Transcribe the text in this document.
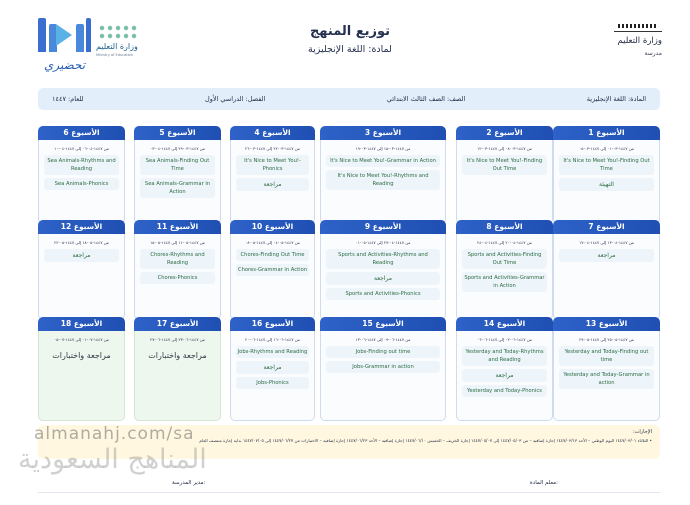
تحضيري
وزارة التعليم
Ministry of Education
توزيع المنهج
لمادة: اللغة الإنجليزية
وزارة التعليم
مدرسة
المادة: اللغة الإنجليزية
الصف: الصف الثالث الابتدائي
الفصل: الدراسي الأول
للعام: ١٤٤٧
الأسبوع 1
من ١٤٤٧-٠٣-٠١ إلى ١٤٤٧-٠٣-٠٥
It's Nice to Meet You!-Finding Out Time
التهيئة
الأسبوع 2
من ١٤٤٧-٠٣-٠٨ إلى ١٤٤٧-٠٣-١٢
It's Nice to Meet You!-Finding Out Time
الأسبوع 3
من ١٤٤٧-٠٣-١٥ إلى ١٤٤٧-٠٣-١٩
It's Nice to Meet You!-Grammar in Action
It's Nice to Meet You!-Rhythms and Reading
الأسبوع 4
من ١٤٤٧-٠٣-٢٢ إلى ١٤٤٧-٠٣-٢٦
It's Nice to Meet You!-Phonics
مراجعة
الأسبوع 5
من ١٤٤٧-٠٣-٢٩ إلى ١٤٤٧-٠٤-٠٣
Sea Animals-Finding Out Time
Sea Animals-Grammar in Action
الأسبوع 6
من ١٤٤٧-٠٤-٠٦ إلى ١٤٤٧-٠٤-١٠
Sea Animals-Rhythms and Reading
Sea Animals-Phonics
الأسبوع 7
من ١٤٤٧-٠٤-١٣ إلى ١٤٤٧-٠٤-١٧
مراجعة
الأسبوع 8
من ١٤٤٧-٠٤-٢٠ إلى ١٤٤٧-٠٤-٢٤
Sports and Activities-Finding Out Time
Sports and Activities-Grammar in Action
الأسبوع 9
من ١٤٤٧-٠٤-٢٧ إلى ١٤٤٧-٠٥-٠١
Sports and Activities-Rhythms and Reading
مراجعة
Sports and Activities-Phonics
الأسبوع 10
من ١٤٤٧-٠٥-٠٤ إلى ١٤٤٧-٠٥-٠٨
Chores-Finding Out Time
Chores-Grammar in Action
الأسبوع 11
من ١٤٤٧-٠٥-١١ إلى ١٤٤٧-٠٥-١٥
Chores-Rhythms and Reading
Chores-Phonics
الأسبوع 12
من ١٤٤٧-٠٥-١٨ إلى ١٤٤٧-٠٥-٢٢
مراجعة
الأسبوع 13
من ١٤٤٧-٠٥-٢٥ إلى ١٤٤٧-٠٥-٢٩
Yesterday and Today-Finding out time
Yesterday and Today-Grammar in action
الأسبوع 14
من ١٤٤٧-٠٦-٠٢ إلى ١٤٤٧-٠٦-٠٦
Yesterday and Today-Rhythms and Reading
مراجعة
Yesterday and Today-Phonics
الأسبوع 15
من ١٤٤٧-٠٦-٠٩ إلى ١٤٤٧-٠٦-١٣
Jobs-Finding out time
Jobs-Grammar in action
الأسبوع 16
من ١٤٤٧-٠٦-١٦ إلى ١٤٤٧-٠٦-٢٠
Jobs-Rhythms and Reading
مراجعة
Jobs-Phonics
الأسبوع 17
من ١٤٤٧-٠٦-٢٣ إلى ١٤٤٧-٠٦-٢٧
مراجعة واختبارات
الأسبوع 18
من ١٤٤٧-٠٧-٠١ إلى ١٤٤٧-٠٧-٠٥
مراجعة واختبارات
الإجازات:
• الثلاثاء ١٤٤٧/٠٣/٠١ اليوم الوطني – الأحد ١٤٤٧/٠٣/١٣ إجازة إضافية – من ١٤٤٧/٠٥/٠٣ إلى ١٤٤٧/٠٥/٠٧ إجازة الخريف – الخميس ١٤٤٧/٠٦/١٠ إجازة إضافية – الأحد ١٤٤٧/٠٦/٢٣ إجازة إضافية – الاختبارات من ١٤٤٧/٠٦/٢٧ إلى ١٤٤٧/٠٧/٠٥ بداية إجازة منتصف العام
معلم المادة:
مدير المدرسة:
almanahj.com/sa
المناهج السعودية
